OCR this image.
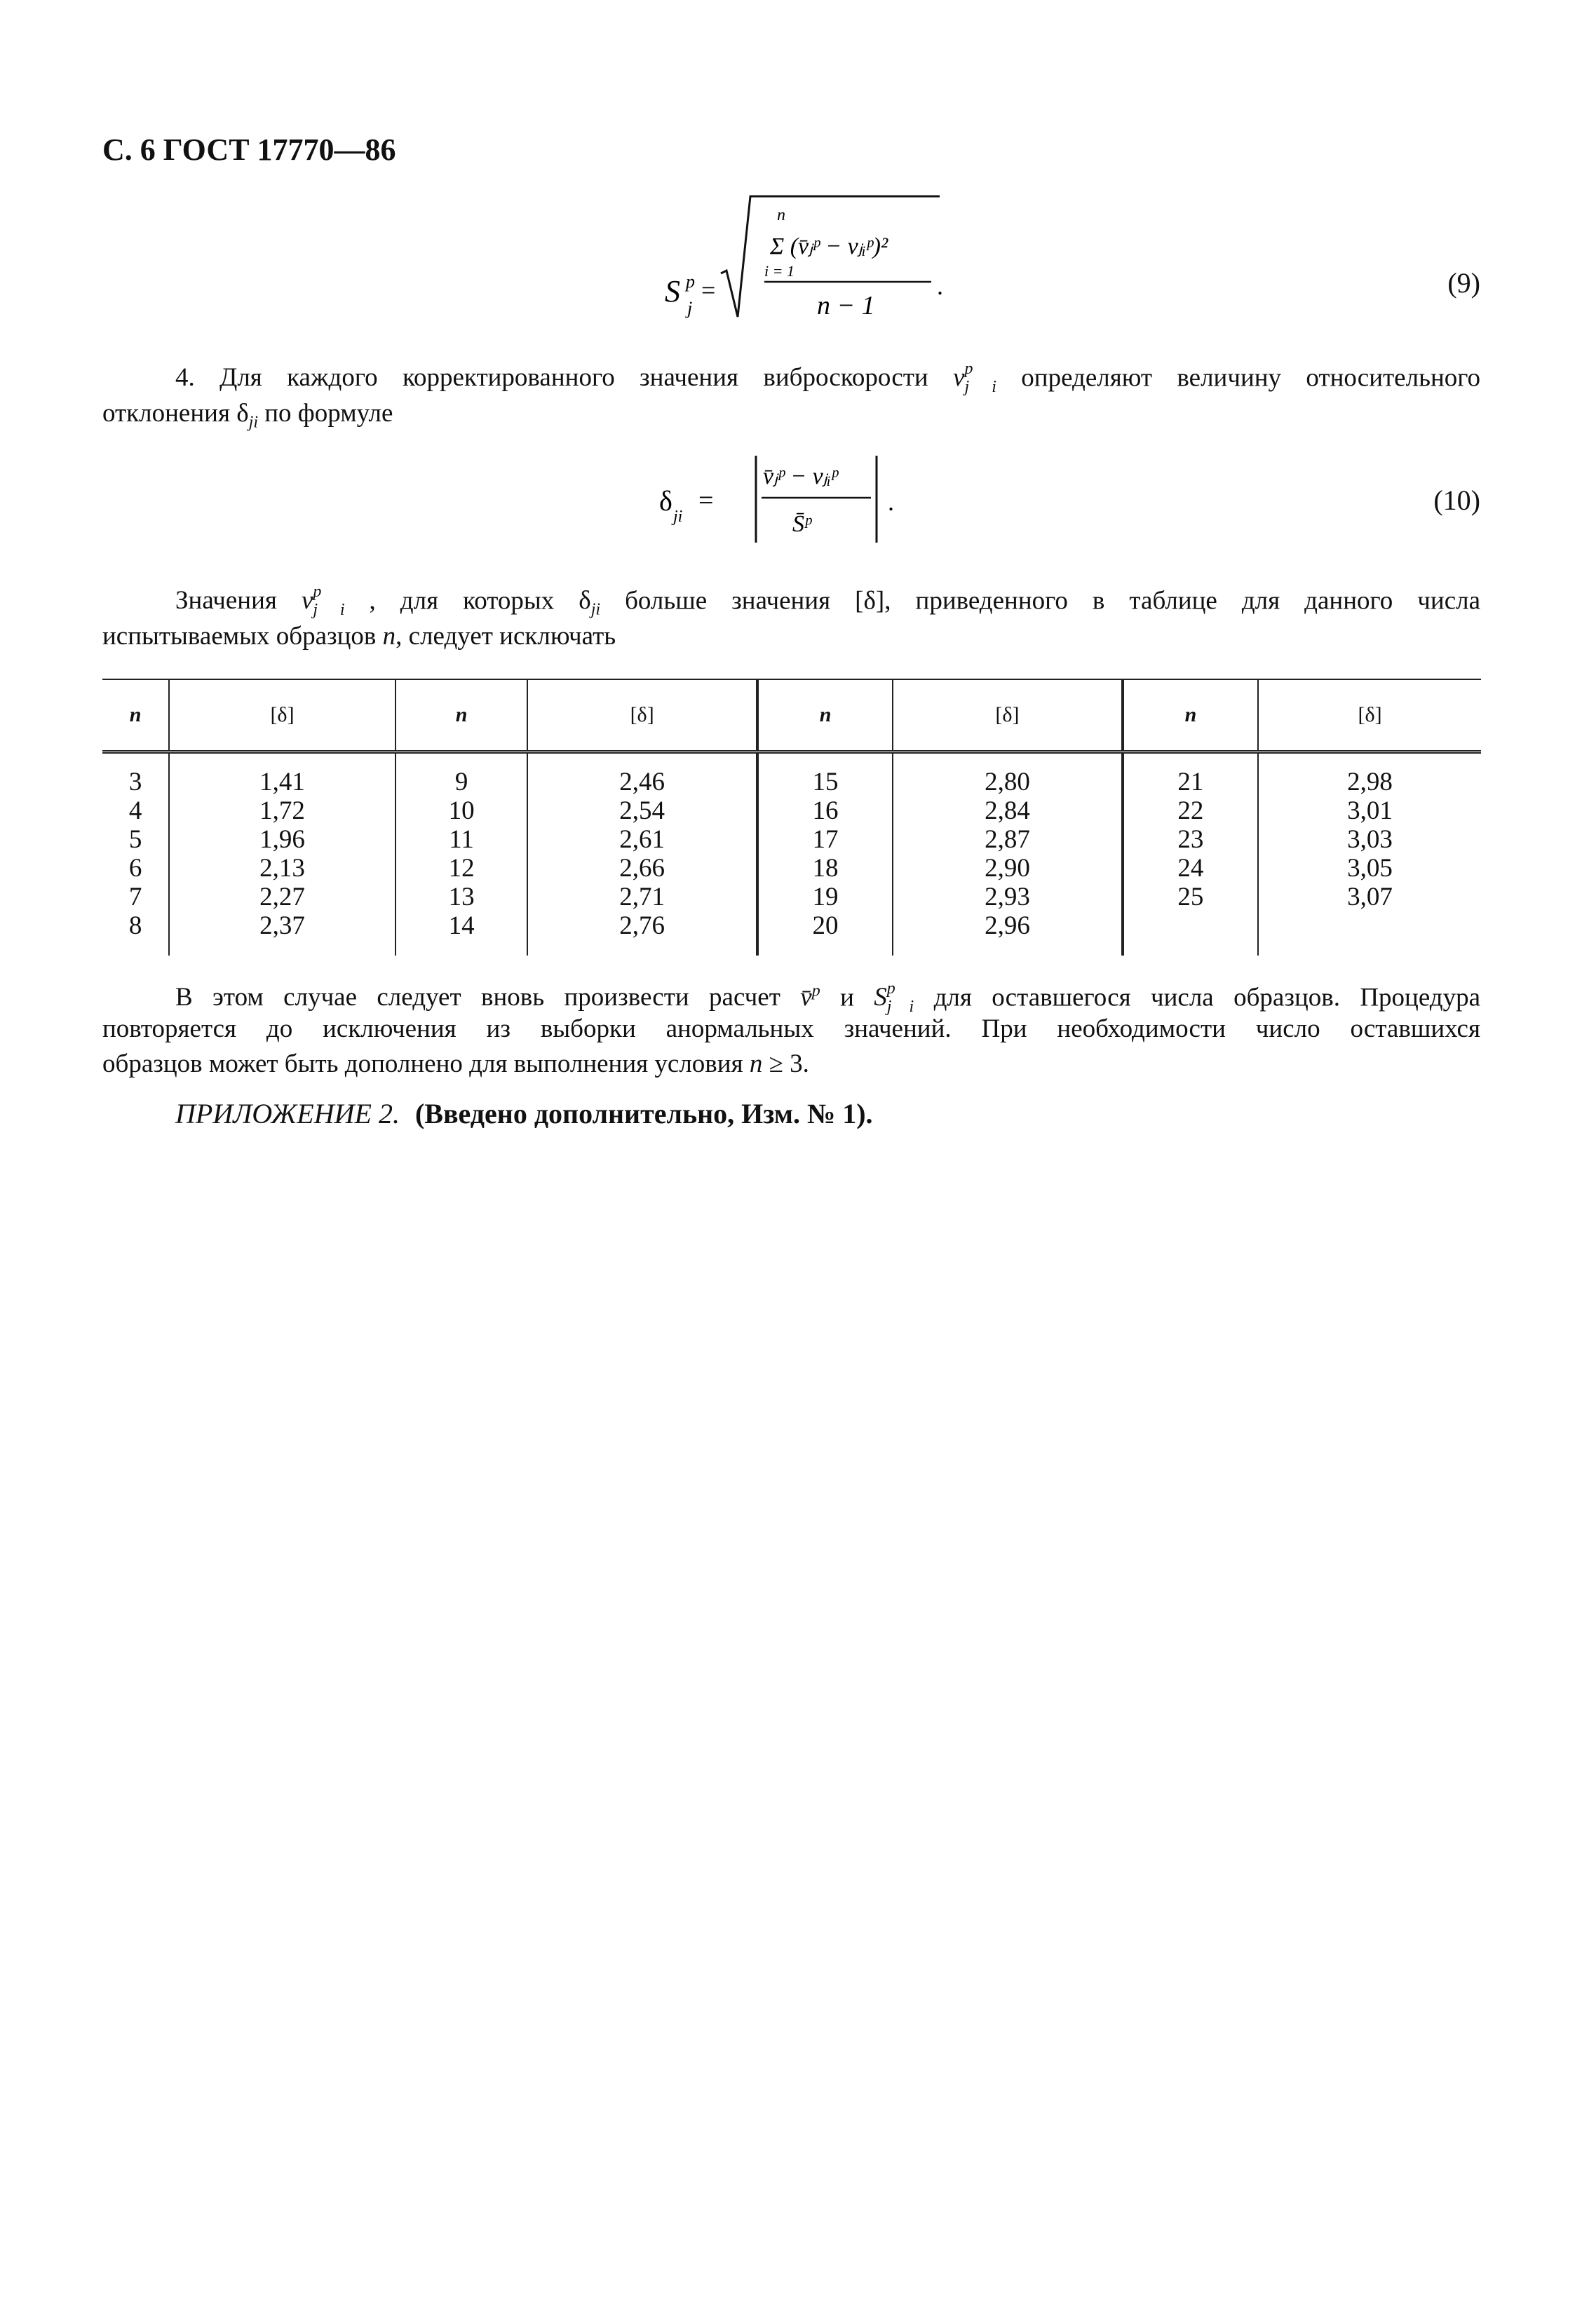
С. 6 ГОСТ 17770—86
S p
j
=
n
Σ (v̄ⱼᵖ − vⱼᵢᵖ)²
i = 1
n − 1
.	(9)
4. Для каждого корректированного значения виброскорости $v^p_{j i}$ определяют величину относительного
отклонения $\delta_{ji}$ по формуле
δ ji
=
v̄ⱼᵖ − vⱼᵢᵖ
S̄ᵖ
.	(10)
Значения $v^p_{j i}$ , для которых $\delta_{ji}$ больше значения [δ], приведенного в таблице для данного числа
испытываемых образцов n, следует исключать
n	[δ]	n	[δ]	n	[δ]	n	[δ]
3	1,41	9	2,46	15	2,80	21	2,98
4	1,72	10	2,54	16	2,84	22	3,01
5	1,96	11	2,61	17	2,87	23	3,03
6	2,13	12	2,66	18	2,90	24	3,05
7	2,27	13	2,71	19	2,93	25	3,07
8	2,37	14	2,76	20	2,96		
В этом случае следует вновь произвести расчет v̄$^p$ и $S^p_{j i}$ для оставшегося числа образцов. Процедура
повторяется до исключения из выборки анормальных значений. При необходимости число оставшихся
образцов может быть дополнено для выполнения условия n ≥ 3.
ПРИЛОЖЕНИЕ 2. (Введено дополнительно, Изм. № 1).
